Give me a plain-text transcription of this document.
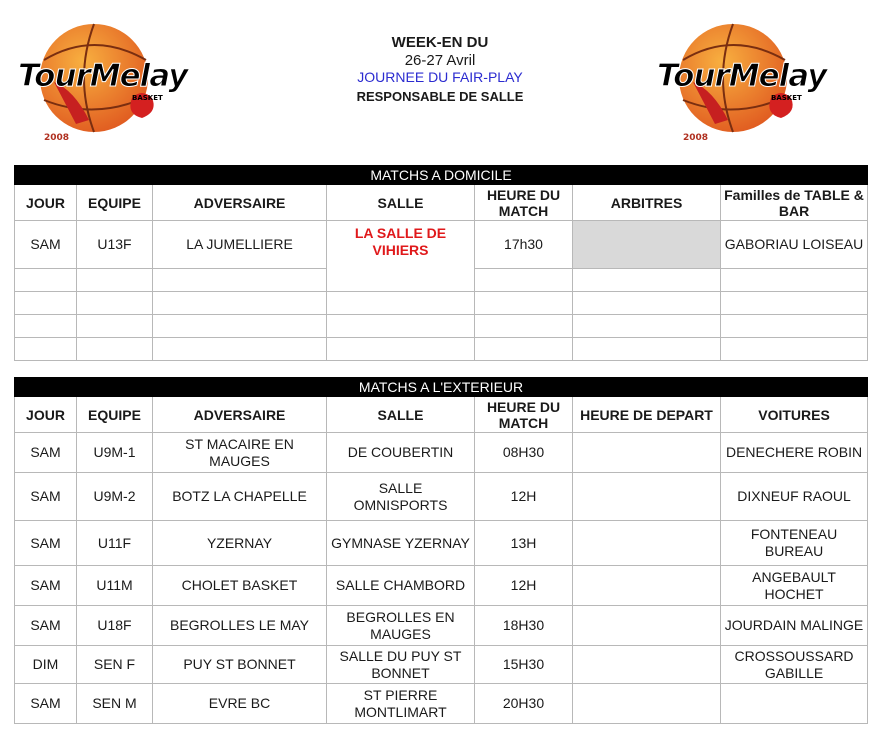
TourMelay
BASKET
2008
TourMelay
BASKET
2008
WEEK-EN DU
26-27 Avril
JOURNEE DU FAIR-PLAY
RESPONSABLE DE SALLE
MATCHS A DOMICILE						
JOUR	EQUIPE	ADVERSAIRE	SALLE	HEURE DU MATCH	ARBITRES	Familles de TABLE & BAR
SAM	U13F	LA JUMELLIERE	LA SALLE DE VIHIERS	17h30		GABORIAU LOISEAU

MATCHS A L'EXTERIEUR						
JOUR	EQUIPE	ADVERSAIRE	SALLE	HEURE DU MATCH	HEURE DE DEPART	VOITURES
SAM	U9M-1	ST MACAIRE EN MAUGES	DE COUBERTIN	08H30		DENECHERE ROBIN
SAM	U9M-2	BOTZ LA CHAPELLE	SALLE OMNISPORTS	12H		DIXNEUF RAOUL
SAM	U11F	YZERNAY	GYMNASE YZERNAY	13H		FONTENEAU BUREAU
SAM	U11M	CHOLET BASKET	SALLE CHAMBORD	12H		ANGEBAULT HOCHET
SAM	U18F	BEGROLLES LE MAY	BEGROLLES EN MAUGES	18H30		JOURDAIN MALINGE
DIM	SEN F	PUY ST BONNET	SALLE DU PUY ST BONNET	15H30		CROSSOUSSARD GABILLE
SAM	SEN M	EVRE BC	ST PIERRE MONTLIMART	20H30		
